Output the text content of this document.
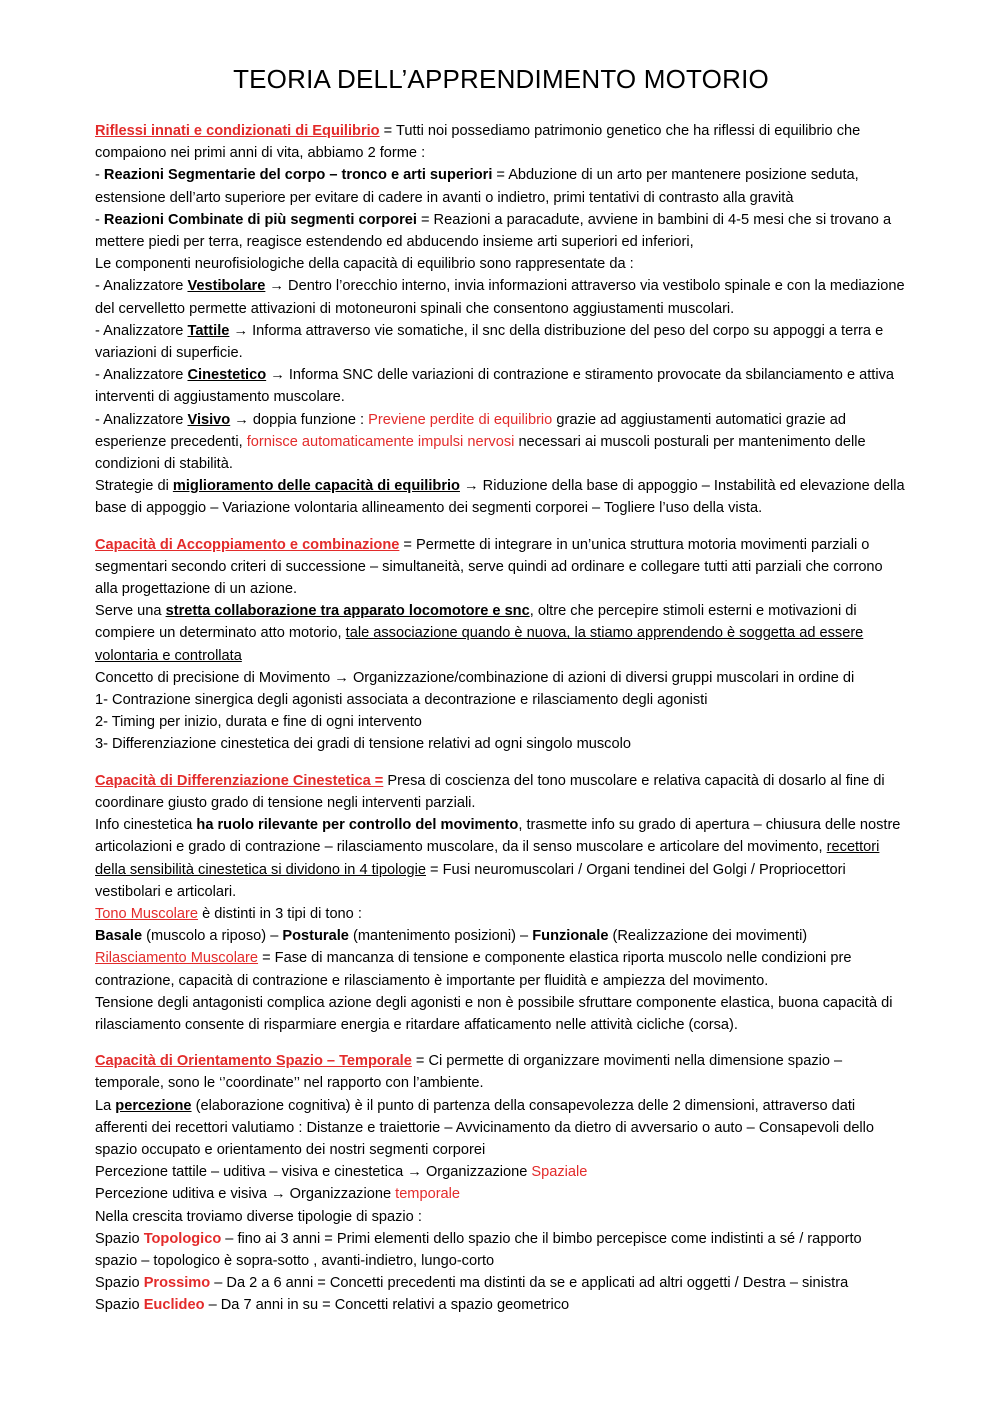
TEORIA DELL’APPRENDIMENTO MOTORIO

Riflessi innati e condizionati di Equilibrio = Tutti noi possediamo patrimonio genetico che ha riflessi di equilibrio che compaiono nei primi anni di vita, abbiamo 2 forme :

- Reazioni Segmentarie del corpo – tronco e arti superiori = Abduzione di un arto per mantenere posizione seduta, estensione dell’arto superiore per evitare di cadere in avanti o indietro, primi tentativi di contrasto alla gravità

- Reazioni Combinate di più segmenti corporei = Reazioni a paracadute, avviene in bambini di 4-5 mesi che si trovano a mettere piedi per terra, reagisce estendendo ed abducendo insieme arti superiori ed inferiori,

Le componenti neurofisiologiche della capacità di equilibrio sono rappresentate da :

- Analizzatore Vestibolare → Dentro l’orecchio interno, invia informazioni attraverso via vestibolo spinale e con la mediazione del cervelletto permette attivazioni di motoneuroni spinali che consentono aggiustamenti muscolari.

- Analizzatore Tattile → Informa attraverso vie somatiche, il snc della distribuzione del peso del corpo su appoggi a terra e variazioni di superficie.

- Analizzatore Cinestetico → Informa SNC delle variazioni di contrazione e stiramento provocate da sbilanciamento e attiva interventi di aggiustamento muscolare.

- Analizzatore Visivo → doppia funzione : Previene perdite di equilibrio grazie ad aggiustamenti automatici grazie ad esperienze precedenti, fornisce automaticamente impulsi nervosi necessari ai muscoli posturali per mantenimento delle condizioni di stabilità.

Strategie di miglioramento delle capacità di equilibrio → Riduzione della base di appoggio – Instabilità ed elevazione della base di appoggio – Variazione volontaria allineamento dei segmenti corporei – Togliere l’uso della vista.

Capacità di Accoppiamento e combinazione = Permette di integrare in un’unica struttura motoria movimenti parziali o segmentari secondo criteri di successione – simultaneità, serve quindi ad ordinare e collegare tutti atti parziali che corrono alla progettazione di un azione.

Serve una stretta collaborazione tra apparato locomotore e snc, oltre che percepire stimoli esterni e motivazioni di compiere un determinato atto motorio, tale associazione quando è nuova, la stiamo apprendendo è soggetta ad essere volontaria e controllata

Concetto di precisione di Movimento → Organizzazione/combinazione di azioni di diversi gruppi muscolari in ordine di

1- Contrazione sinergica degli agonisti associata a decontrazione e rilasciamento degli agonisti

2- Timing per inizio, durata e fine di ogni intervento

3- Differenziazione cinestetica dei gradi di tensione relativi ad ogni singolo muscolo

Capacità di Differenziazione Cinestetica = Presa di coscienza del tono muscolare e relativa capacità di dosarlo al fine di coordinare giusto grado di tensione negli interventi parziali.

Info cinestetica ha ruolo rilevante per controllo del movimento, trasmette info su grado di apertura – chiusura delle nostre articolazioni e grado di contrazione – rilasciamento muscolare, da il senso muscolare e articolare del movimento, recettori della sensibilità cinestetica si dividono in 4 tipologie = Fusi neuromuscolari / Organi tendinei del Golgi / Propriocettori vestibolari e articolari.

Tono Muscolare è distinti in 3 tipi di tono :

Basale (muscolo a riposo) – Posturale (mantenimento posizioni) – Funzionale (Realizzazione dei movimenti)

Rilasciamento Muscolare = Fase di mancanza di tensione e componente elastica riporta muscolo nelle condizioni pre contrazione, capacità di contrazione e rilasciamento è importante per fluidità e ampiezza del movimento.

Tensione degli antagonisti complica azione degli agonisti e non è possibile sfruttare componente elastica, buona capacità di rilasciamento consente di risparmiare energia e ritardare affaticamento nelle attività cicliche (corsa).

Capacità di Orientamento Spazio – Temporale = Ci permette di organizzare movimenti nella dimensione spazio – temporale, sono le ‘’coordinate’’ nel rapporto con l’ambiente.

La percezione (elaborazione cognitiva) è il punto di partenza della consapevolezza delle 2 dimensioni, attraverso dati afferenti dei recettori valutiamo : Distanze e traiettorie – Avvicinamento da dietro di avversario o auto – Consapevoli dello spazio occupato e orientamento dei nostri segmenti corporei

Percezione tattile – uditiva – visiva e cinestetica → Organizzazione Spaziale

Percezione uditiva e visiva → Organizzazione temporale

Nella crescita troviamo diverse tipologie di spazio :

Spazio Topologico – fino ai 3 anni = Primi elementi dello spazio che il bimbo percepisce come indistinti a sé / rapporto spazio – topologico è sopra-sotto , avanti-indietro, lungo-corto

Spazio Prossimo – Da 2 a 6 anni = Concetti precedenti ma distinti da se e applicati ad altri oggetti / Destra – sinistra

Spazio Euclideo – Da 7 anni in su = Concetti relativi a spazio geometrico
